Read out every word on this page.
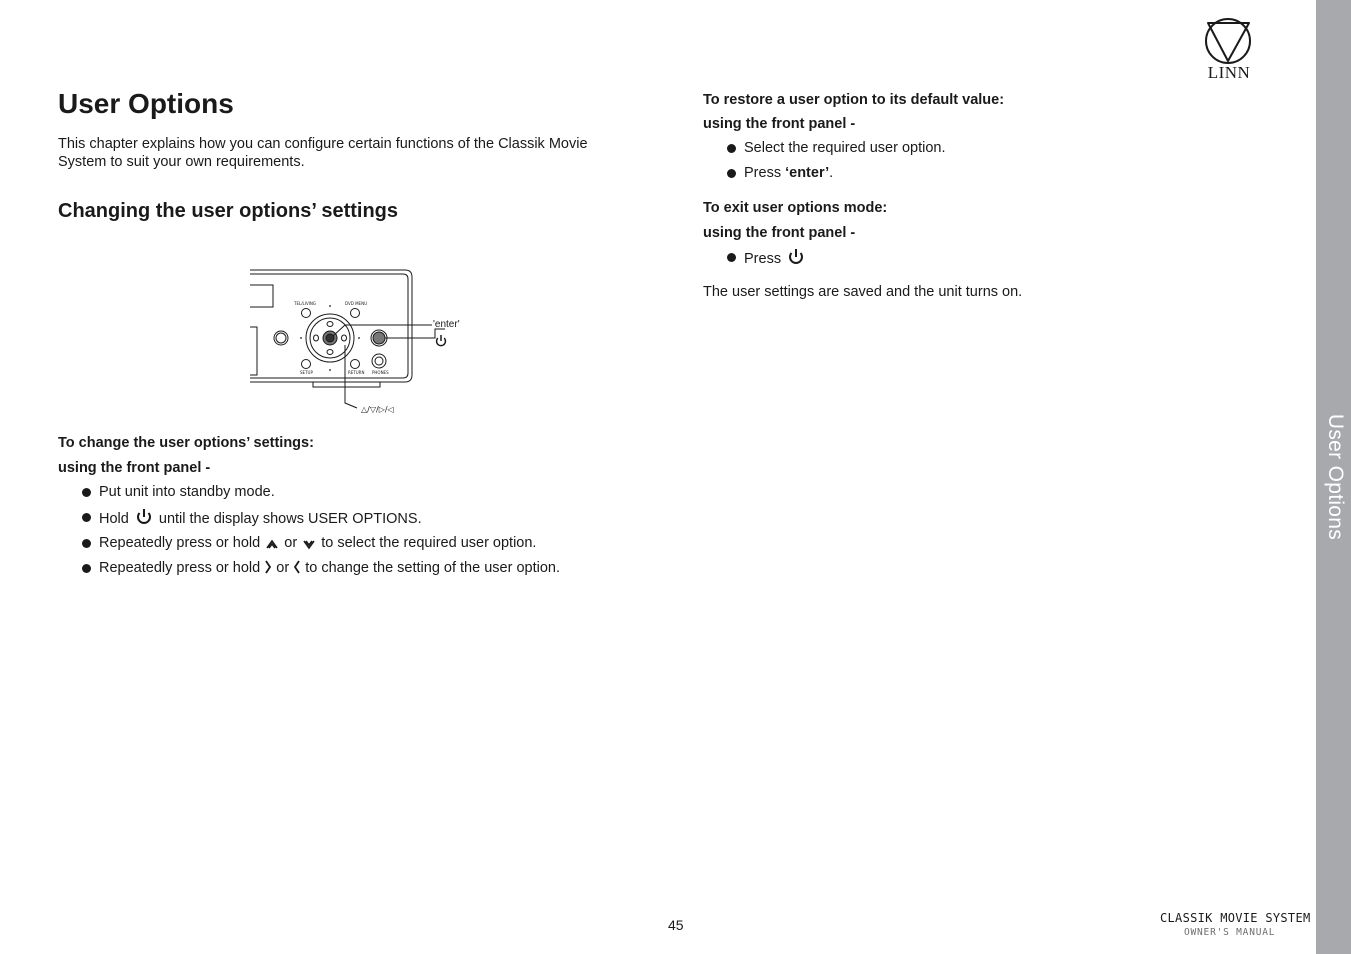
User Options
LINN
User Options
This chapter explains how you can configure certain functions of the Classik Movie
System to suit your own requirements.
Changing the user options’ settings
TEL/LIVING	DVD MENU
SETUP	RETURN PHONES
'enter'
△/▽/▷/◁
To change the user options’ settings:
using the front panel -
Put unit into standby mode.
Hold until the display shows USER OPTIONS.
Repeatedly press or hold or to select the required user option.
Repeatedly press or hold or to change the setting of the user option.
To restore a user option to its default value:
using the front panel -
Select the required user option.
Press ‘enter’.
To exit user options mode:
using the front panel -
Press
The user settings are saved and the unit turns on.
45	CLASSIK MOVIE SYSTEM
OWNER'S MANUAL
